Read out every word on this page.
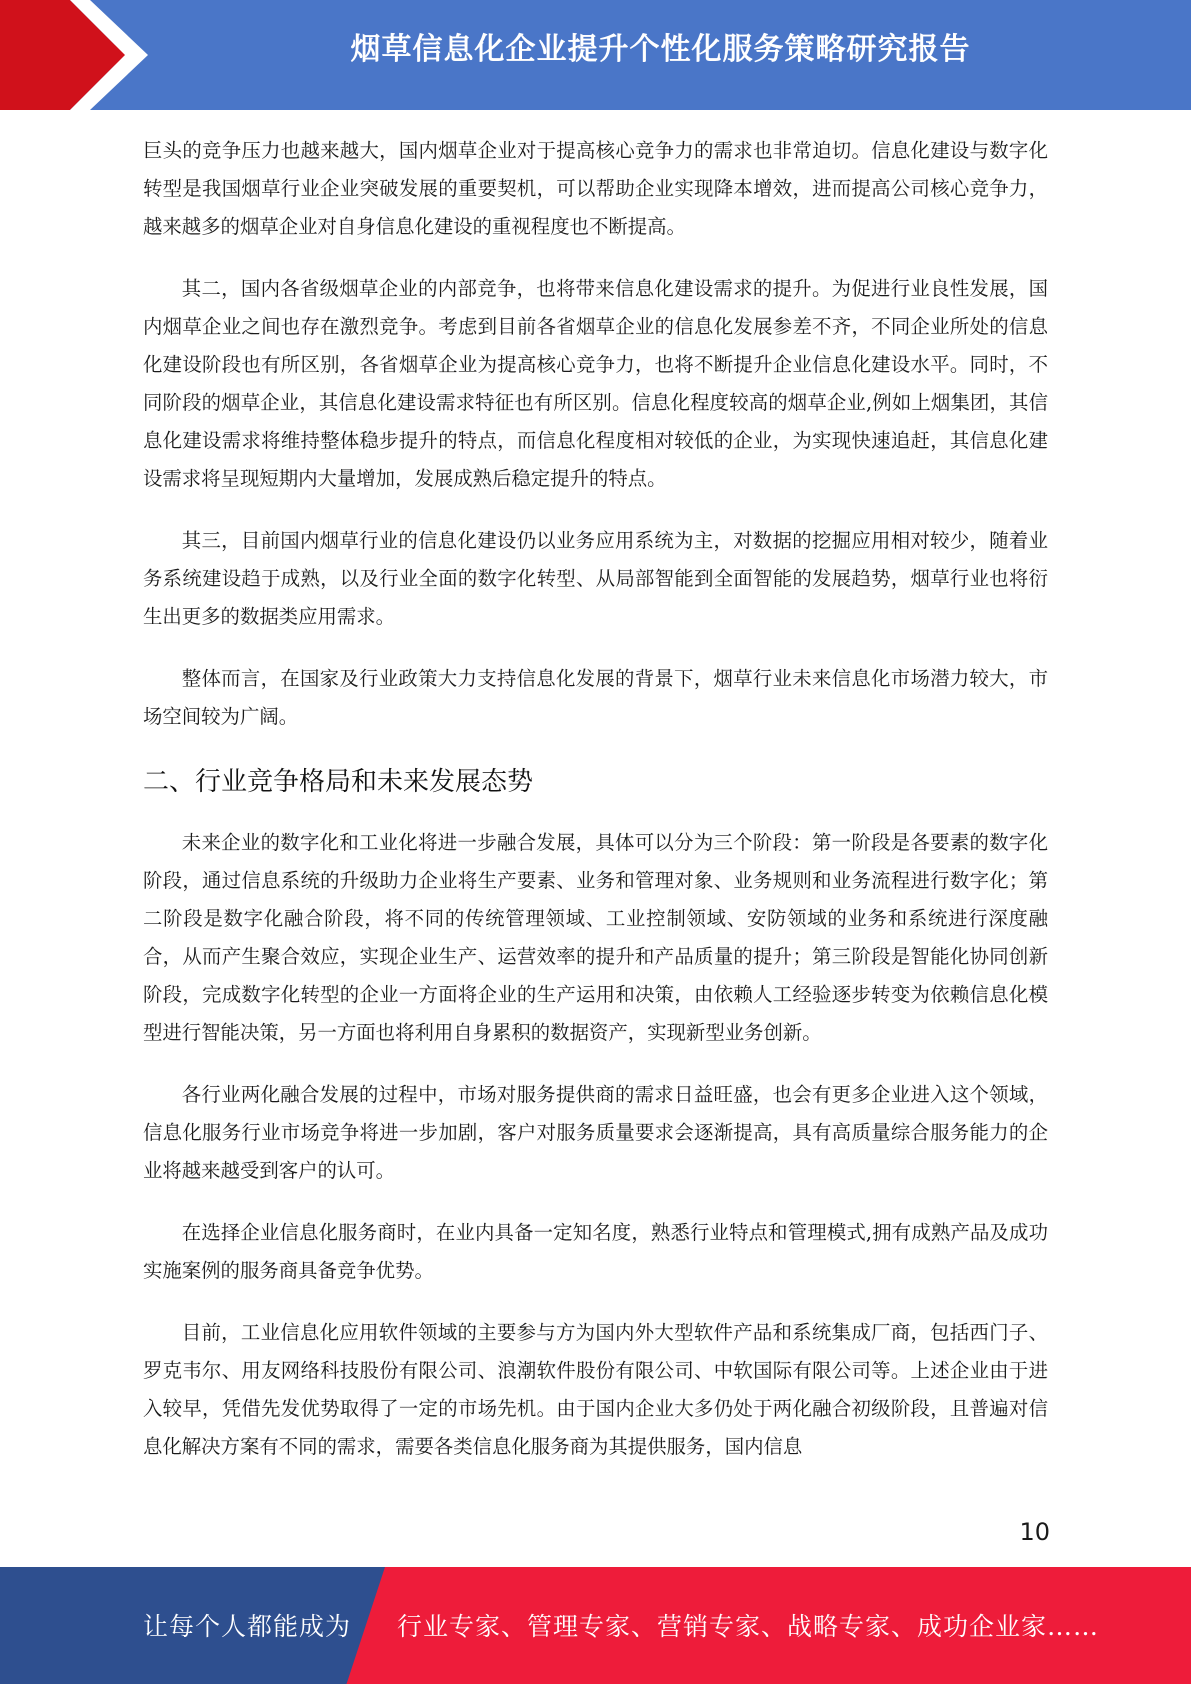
烟草信息化企业提升个性化服务策略研究报告

巨头的竞争压力也越来越大，国内烟草企业对于提高核心竞争力的需求也非常迫切。信息化建设与数字化转型是我国烟草行业企业突破发展的重要契机，可以帮助企业实现降本增效，进而提高公司核心竞争力，越来越多的烟草企业对自身信息化建设的重视程度也不断提高。

其二，国内各省级烟草企业的内部竞争，也将带来信息化建设需求的提升。为促进行业良性发展，国内烟草企业之间也存在激烈竞争。考虑到目前各省烟草企业的信息化发展参差不齐，不同企业所处的信息化建设阶段也有所区别，各省烟草企业为提高核心竞争力，也将不断提升企业信息化建设水平。同时，不同阶段的烟草企业，其信息化建设需求特征也有所区别。信息化程度较高的烟草企业,例如上烟集团，其信息化建设需求将维持整体稳步提升的特点，而信息化程度相对较低的企业，为实现快速追赶，其信息化建设需求将呈现短期内大量增加，发展成熟后稳定提升的特点。

其三，目前国内烟草行业的信息化建设仍以业务应用系统为主，对数据的挖掘应用相对较少，随着业务系统建设趋于成熟，以及行业全面的数字化转型、从局部智能到全面智能的发展趋势，烟草行业也将衍生出更多的数据类应用需求。

整体而言，在国家及行业政策大力支持信息化发展的背景下，烟草行业未来信息化市场潜力较大，市场空间较为广阔。

二、行业竞争格局和未来发展态势

未来企业的数字化和工业化将进一步融合发展，具体可以分为三个阶段：第一阶段是各要素的数字化阶段，通过信息系统的升级助力企业将生产要素、业务和管理对象、业务规则和业务流程进行数字化；第二阶段是数字化融合阶段，将不同的传统管理领域、工业控制领域、安防领域的业务和系统进行深度融合，从而产生聚合效应，实现企业生产、运营效率的提升和产品质量的提升；第三阶段是智能化协同创新阶段，完成数字化转型的企业一方面将企业的生产运用和决策，由依赖人工经验逐步转变为依赖信息化模型进行智能决策，另一方面也将利用自身累积的数据资产，实现新型业务创新。

各行业两化融合发展的过程中，市场对服务提供商的需求日益旺盛，也会有更多企业进入这个领域，信息化服务行业市场竞争将进一步加剧，客户对服务质量要求会逐渐提高，具有高质量综合服务能力的企业将越来越受到客户的认可。

在选择企业信息化服务商时，在业内具备一定知名度，熟悉行业特点和管理模式,拥有成熟产品及成功实施案例的服务商具备竞争优势。

目前，工业信息化应用软件领域的主要参与方为国内外大型软件产品和系统集成厂商，包括西门子、罗克韦尔、用友网络科技股份有限公司、浪潮软件股份有限公司、中软国际有限公司等。上述企业由于进入较早，凭借先发优势取得了一定的市场先机。由于国内企业大多仍处于两化融合初级阶段，且普遍对信息化解决方案有不同的需求，需要各类信息化服务商为其提供服务，国内信息

10
让每个人都能成为 行业专家、管理专家、营销专家、战略专家、成功企业家……
